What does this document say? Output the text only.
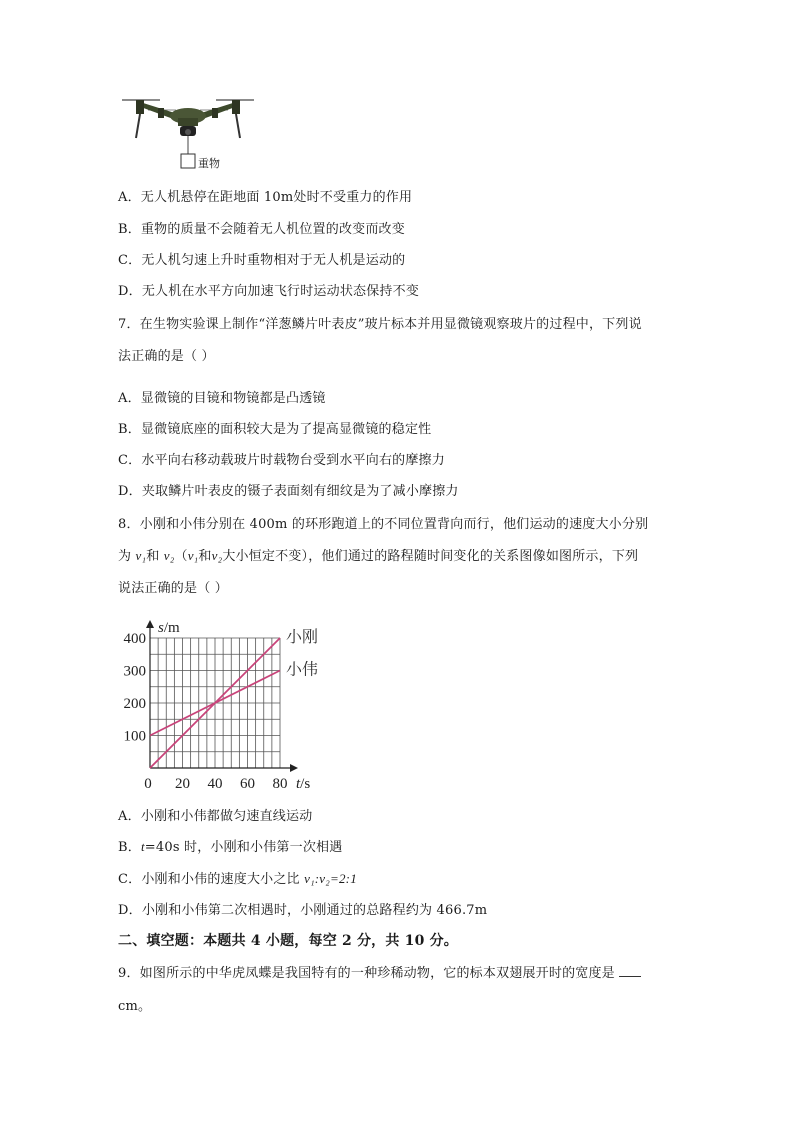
重物
A．无人机悬停在距地面 10m处时不受重力的作用
B．重物的质量不会随着无人机位置的改变而改变
C．无人机匀速上升时重物相对于无人机是运动的
D．无人机在水平方向加速飞行时运动状态保持不变
7．在生物实验课上制作“洋葱鳞片叶表皮”玻片标本并用显微镜观察玻片的过程中，下列说
法正确的是（ ）
A．显微镜的目镜和物镜都是凸透镜
B．显微镜底座的面积较大是为了提高显微镜的稳定性
C．水平向右移动载玻片时载物台受到水平向右的摩擦力
D．夹取鳞片叶表皮的镊子表面刻有细纹是为了减小摩擦力
8．小刚和小伟分别在 400m 的环形跑道上的不同位置背向而行，他们运动的速度大小分别
为 v₁和 v₂（v₁和v₂大小恒定不变），他们通过的路程随时间变化的关系图像如图所示，下列
说法正确的是（ ）
100
200
300
400
0 20 40 60 80
s/m
t/s
小刚
小伟
A．小刚和小伟都做匀速直线运动
B．t=40s 时，小刚和小伟第一次相遇
C．小刚和小伟的速度大小之比 v₁:v₂=2:1
D．小刚和小伟第二次相遇时，小刚通过的总路程约为 466.7m
二、填空题：本题共 4 小题，每空 2 分，共 10 分。
9．如图所示的中华虎凤蝶是我国特有的一种珍稀动物，它的标本双翅展开时的宽度是
cm。
